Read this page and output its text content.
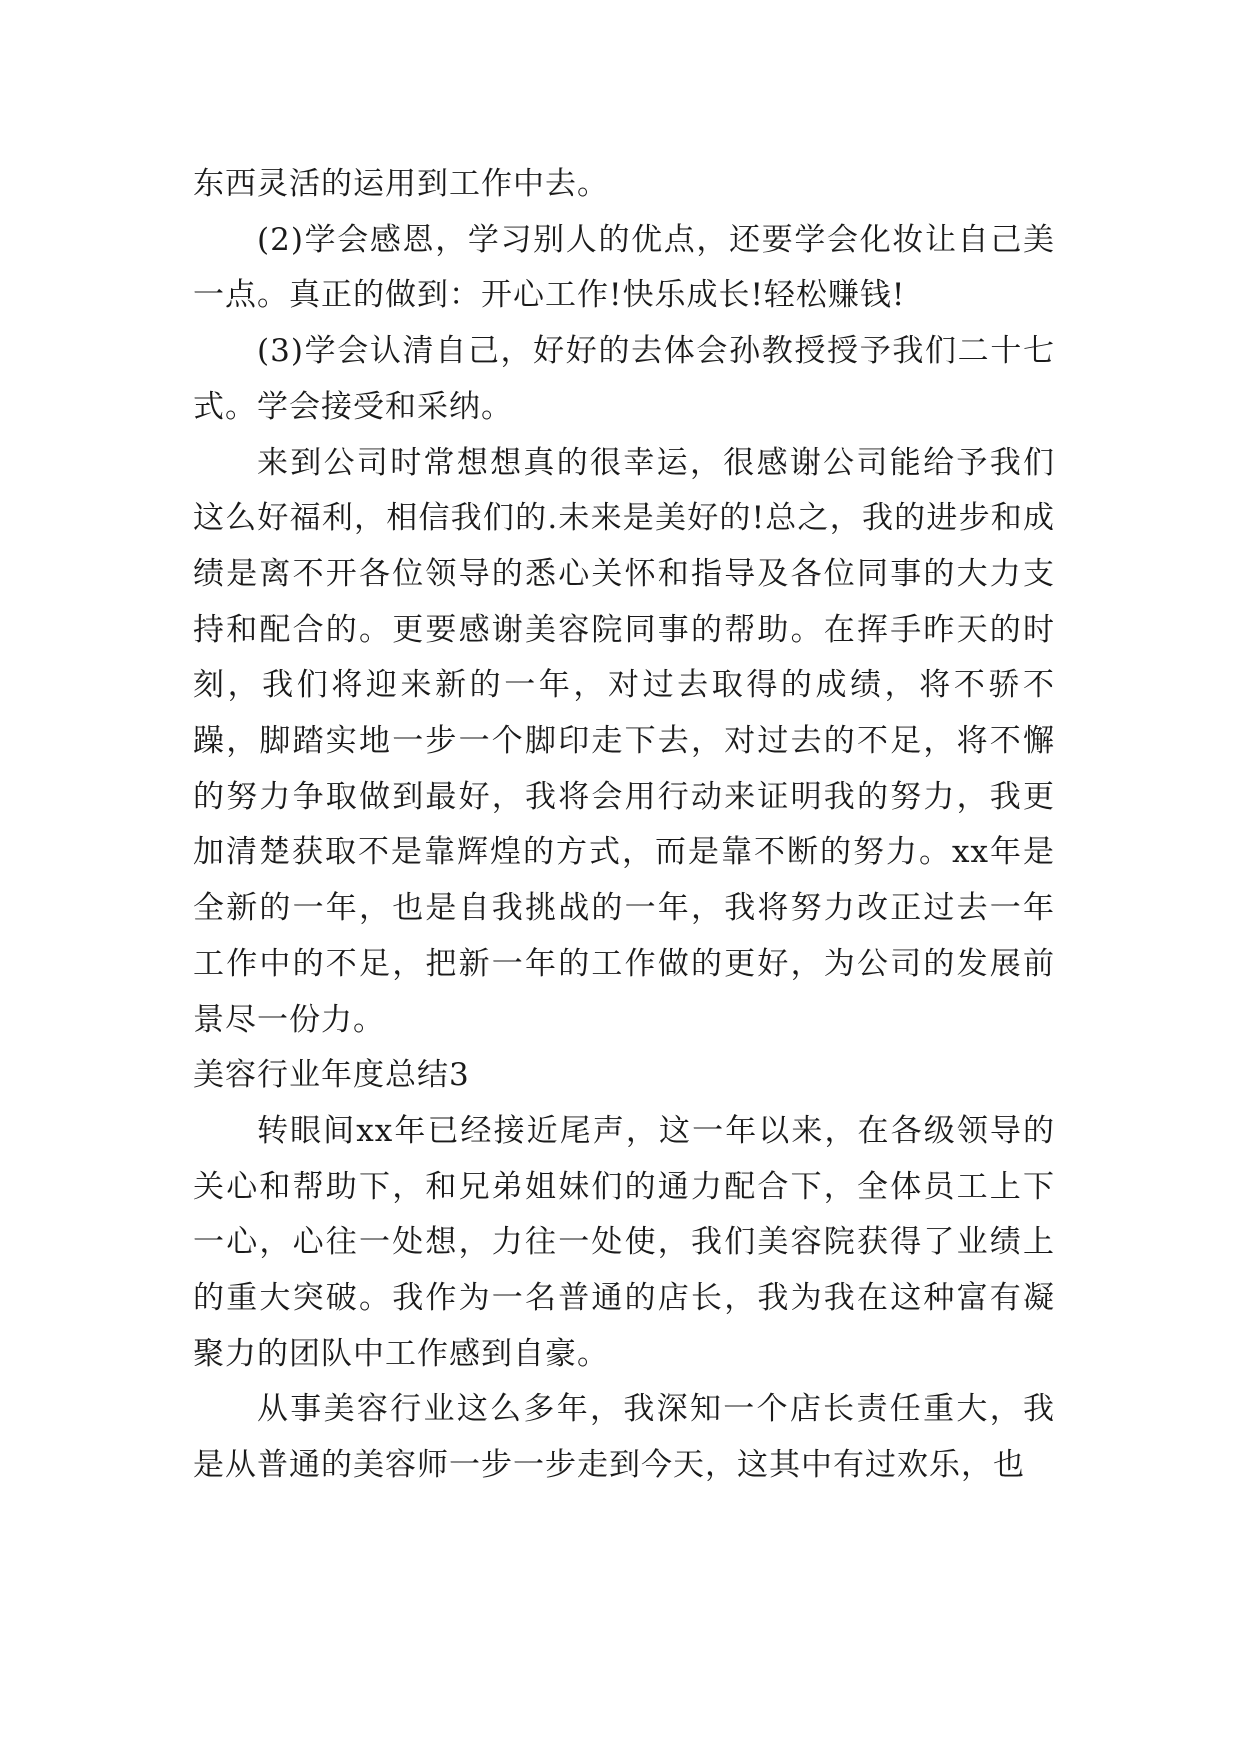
东西灵活的运用到工作中去。

(2)学会感恩，学习别人的优点，还要学会化妆让自己美一点。真正的做到：开心工作!快乐成长!轻松赚钱!

(3)学会认清自己，好好的去体会孙教授授予我们二十七式。学会接受和采纳。

来到公司时常想想真的很幸运，很感谢公司能给予我们这么好福利，相信我们的.未来是美好的!总之，我的进步和成绩是离不开各位领导的悉心关怀和指导及各位同事的大力支持和配合的。更要感谢美容院同事的帮助。在挥手昨天的时刻，我们将迎来新的一年，对过去取得的成绩，将不骄不躁，脚踏实地一步一个脚印走下去，对过去的不足，将不懈的努力争取做到最好，我将会用行动来证明我的努力，我更加清楚获取不是靠辉煌的方式，而是靠不断的努力。xx年是全新的一年，也是自我挑战的一年，我将努力改正过去一年工作中的不足，把新一年的工作做的更好，为公司的发展前景尽一份力。

美容行业年度总结3

转眼间xx年已经接近尾声，这一年以来，在各级领导的关心和帮助下，和兄弟姐妹们的通力配合下，全体员工上下一心，心往一处想，力往一处使，我们美容院获得了业绩上的重大突破。我作为一名普通的店长，我为我在这种富有凝聚力的团队中工作感到自豪。

从事美容行业这么多年，我深知一个店长责任重大，我是从普通的美容师一步一步走到今天，这其中有过欢乐，也
